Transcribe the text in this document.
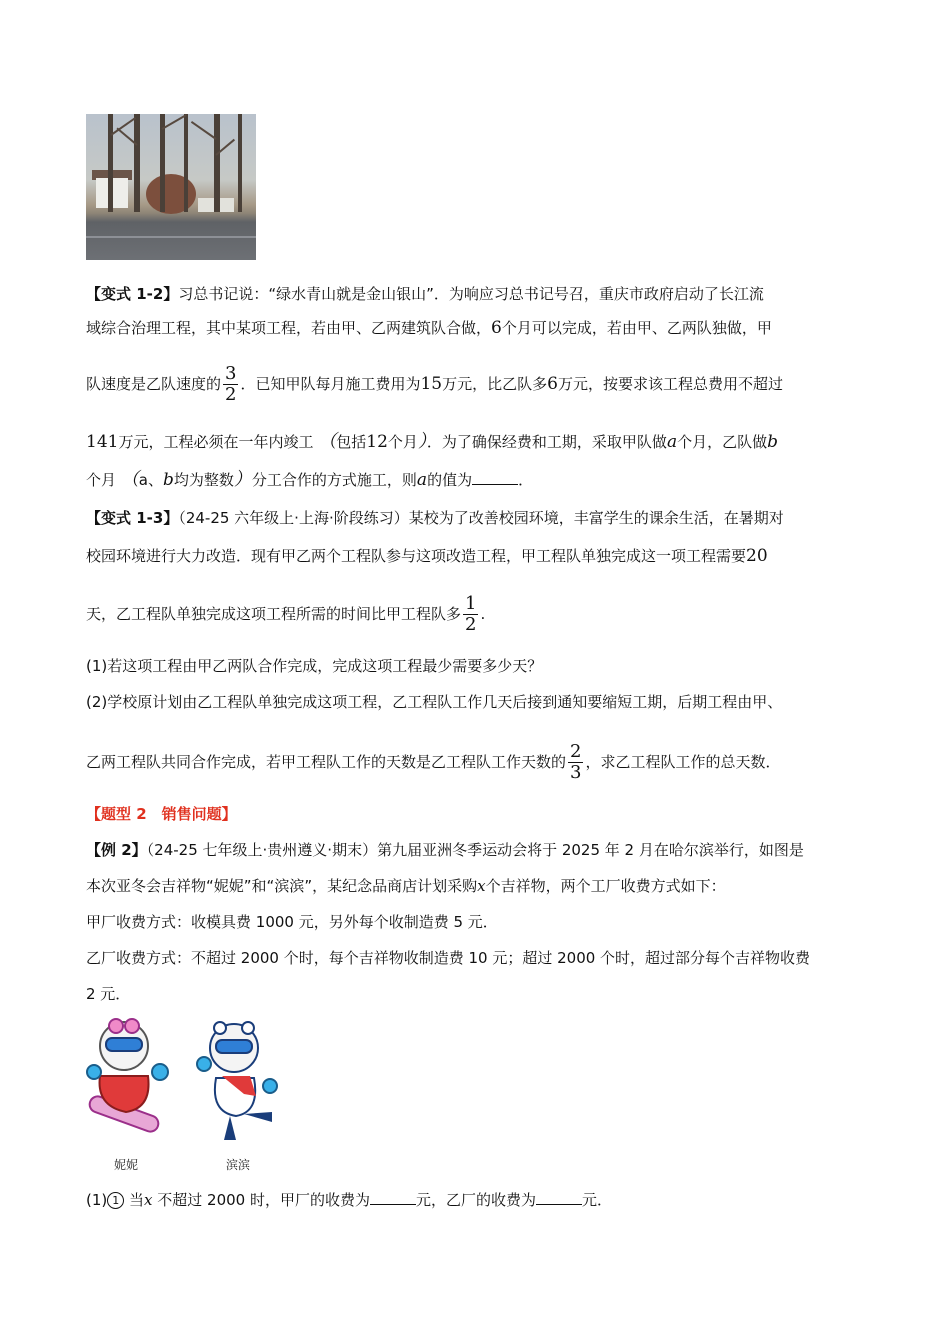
【变式 1-2】习总书记说：“绿水青山就是金山银山”．为响应习总书记号召，重庆市政府启动了长江流
域综合治理工程，其中某项工程，若由甲、乙两建筑队合做，6个月可以完成，若由甲、乙两队独做，甲
队速度是乙队速度的 $\frac{3}{2}$ ．已知甲队每月施工费用为15万元，比乙队多6万元，按要求该工程总费用不超过
141万元，工程必须在一年内竣工 （包括12个月）．为了确保经费和工期，采取甲队做a个月，乙队做b
个月 （a、b均为整数）分工合作的方式施工，则a的值为	．
【变式 1-3】（24-25 六年级上·上海·阶段练习）某校为了改善校园环境，丰富学生的课余生活，在暑期对
校园环境进行大力改造．现有甲乙两个工程队参与这项改造工程，甲工程队单独完成这一项工程需要20
天，乙工程队单独完成这项工程所需的时间比甲工程队多 $\frac{1}{2}$ .
(1)若这项工程由甲乙两队合作完成，完成这项工程最少需要多少天？
(2)学校原计划由乙工程队单独完成这项工程，乙工程队工作几天后接到通知要缩短工期，后期工程由甲、
乙两工程队共同合作完成，若甲工程队工作的天数是乙工程队工作天数的 $\frac{2}{3}$ ，求乙工程队工作的总天数．
【题型 2　销售问题】
【例 2】（24-25 七年级上·贵州遵义·期末）第九届亚洲冬季运动会将于 2025 年 2 月在哈尔滨举行，如图是
本次亚冬会吉祥物“妮妮”和“滨滨”，某纪念品商店计划采购x个吉祥物，两个工厂收费方式如下：
甲厂收费方式：收模具费 1000 元，另外每个收制造费 5 元．
乙厂收费方式：不超过 2000 个时，每个吉祥物收制造费 10 元；超过 2000 个时，超过部分每个吉祥物收费
2 元．
妮妮	滨滨
(1) 1 当x 不超过 2000 时，甲厂的收费为	元，乙厂的收费为	元．
